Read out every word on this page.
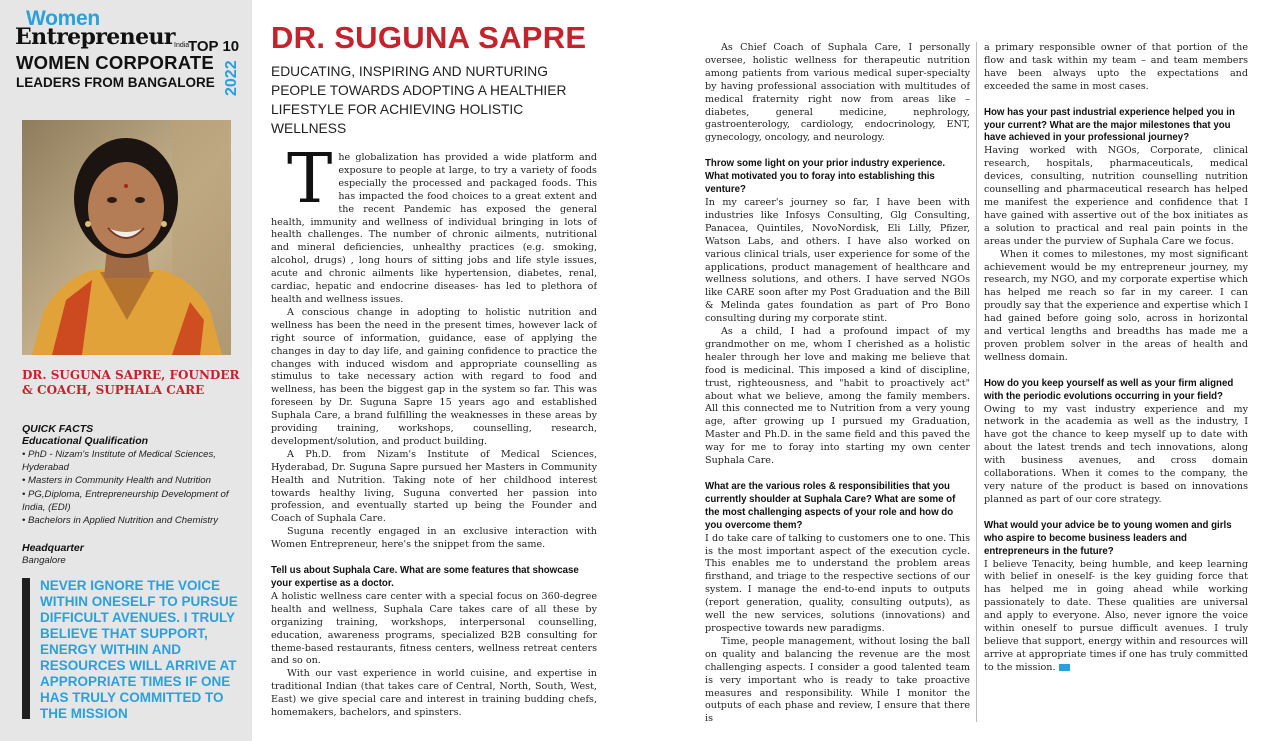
Women
Entrepreneur India
TOP 10
WOMEN CORPORATE
LEADERS FROM BANGALORE 2022
DR. SUGUNA SAPRE, FOUNDER & COACH, SUPHALA CARE
QUICK FACTS
Educational Qualification
• PhD - Nizam's Institute of Medical Sciences, Hyderabad
• Masters in Community Health and Nutrition
• PG,Diploma, Entrepreneurship Development of India, (EDI)
• Bachelors in Applied Nutrition and Chemistry
Headquarter
Bangalore
NEVER IGNORE THE VOICE WITHIN ONESELF TO PURSUE DIFFICULT AVENUES. I TRULY BELIEVE THAT SUPPORT, ENERGY WITHIN AND RESOURCES WILL ARRIVE AT APPROPRIATE TIMES IF ONE HAS TRULY COMMITTED TO THE MISSION
DR. SUGUNA SAPRE
EDUCATING, INSPIRING AND NURTURING PEOPLE TOWARDS ADOPTING A HEALTHIER LIFESTYLE FOR ACHIEVING HOLISTIC WELLNESS
T he globalization has provided a wide platform and exposure to people at large, to try a variety of foods especially the processed and packaged foods. This has impacted the food choices to a great extent and the recent Pandemic has exposed the general health, immunity and wellness of individual bringing in lots of health challenges. The number of chronic ailments, nutritional and mineral deficiencies, unhealthy practices (e.g. smoking, alcohol, drugs) , long hours of sitting jobs and life style issues, acute and chronic ailments like hypertension, diabetes, renal, cardiac, hepatic and endocrine diseases- has led to plethora of health and wellness issues.

A conscious change in adopting to holistic nutrition and wellness has been the need in the present times, however lack of right source of information, guidance, ease of applying the changes in day to day life, and gaining confidence to practice the changes with induced wisdom and appropriate counselling as stimulus to take necessary action with regard to food and wellness, has been the biggest gap in the system so far. This was foreseen by Dr. Suguna Sapre 15 years ago and established Suphala Care, a brand fulfilling the weaknesses in these areas by providing training, workshops, counselling, research, development/solution, and product building.

A Ph.D. from Nizam's Institute of Medical Sciences, Hyderabad, Dr. Suguna Sapre pursued her Masters in Community Health and Nutrition. Taking note of her childhood interest towards healthy living, Suguna converted her passion into profession, and eventually started up being the Founder and Coach of Suphala Care.

Suguna recently engaged in an exclusive interaction with Women Entrepreneur, here's the snippet from the same.

Tell us about Suphala Care. What are some features that showcase your expertise as a doctor.

A holistic wellness care center with a special focus on 360-degree health and wellness, Suphala Care takes care of all these by organizing training, workshops, interpersonal counselling, education, awareness programs, specialized B2B consulting for theme-based restaurants, fitness centers, wellness retreat centers and so on.

With our vast experience in world cuisine, and expertise in traditional Indian (that takes care of Central, North, South, West, East) we give special care and interest in training budding chefs, homemakers, bachelors, and spinsters.

As Chief Coach of Suphala Care, I personally oversee, holistic wellness for therapeutic nutrition among patients from various medical super-specialty by having professional association with multitudes of medical fraternity right now from areas like – diabetes, general medicine, nephrology, gastroenterology, cardiology, endocrinology, ENT, gynecology, oncology, and neurology.

Throw some light on your prior industry experience. What motivated you to foray into establishing this venture?

In my career's journey so far, I have been with industries like Infosys Consulting, Glg Consulting, Panacea, Quintiles, NovoNordisk, Eli Lilly, Pfizer, Watson Labs, and others. I have also worked on various clinical trials, user experience for some of the applications, product management of healthcare and wellness solutions, and others. I have served NGOs like CARE soon after my Post Graduation and the Bill & Melinda gates foundation as part of Pro Bono consulting during my corporate stint.

As a child, I had a profound impact of my grandmother on me, whom I cherished as a holistic healer through her love and making me believe that food is medicinal. This imposed a kind of discipline, trust, righteousness, and "habit to proactively act" about what we believe, among the family members. All this connected me to Nutrition from a very young age, after growing up I pursued my Graduation, Master and Ph.D. in the same field and this paved the way for me to foray into starting my own center Suphala Care.

What are the various roles & responsibilities that you currently shoulder at Suphala Care? What are some of the most challenging aspects of your role and how do you overcome them?

I do take care of talking to customers one to one. This is the most important aspect of the execution cycle. This enables me to understand the problem areas firsthand, and triage to the respective sections of our system. I manage the end-to-end inputs to outputs (report generation, quality, consulting outputs), as well the new services, solutions (innovations) and prospective towards new paradigms.

Time, people management, without losing the ball on quality and balancing the revenue are the most challenging aspects. I consider a good talented team is very important who is ready to take proactive measures and responsibility. While I monitor the outputs of each phase and review, I ensure that there is

a primary responsible owner of that portion of the flow and task within my team – and team members have been always upto the expectations and exceeded the same in most cases.

How has your past industrial experience helped you in your current? What are the major milestones that you have achieved in your professional journey?

Having worked with NGOs, Corporate, clinical research, hospitals, pharmaceuticals, medical devices, consulting, nutrition counselling nutrition counselling and pharmaceutical research has helped me manifest the experience and confidence that I have gained with assertive out of the box initiates as a solution to practical and real pain points in the areas under the purview of Suphala Care we focus.

When it comes to milestones, my most significant achievement would be my entrepreneur journey, my research, my NGO, and my corporate expertise which has helped me reach so far in my career. I can proudly say that the experience and expertise which I had gained before going solo, across in horizontal and vertical lengths and breadths has made me a proven problem solver in the areas of health and wellness domain.

How do you keep yourself as well as your firm aligned with the periodic evolutions occurring in your field?

Owing to my vast industry experience and my network in the academia as well as the industry, I have got the chance to keep myself up to date with about the latest trends and tech innovations, along with business avenues, and cross domain collaborations. When it comes to the company, the very nature of the product is based on innovations planned as part of our core strategy.

What would your advice be to young women and girls who aspire to become business leaders and entrepreneurs in the future?

I believe Tenacity, being humble, and keep learning with belief in oneself- is the key guiding force that has helped me in going ahead while working passionately to date. These qualities are universal and apply to everyone. Also, never ignore the voice within oneself to pursue difficult avenues. I truly believe that support, energy within and resources will arrive at appropriate times if one has truly committed to the mission.
